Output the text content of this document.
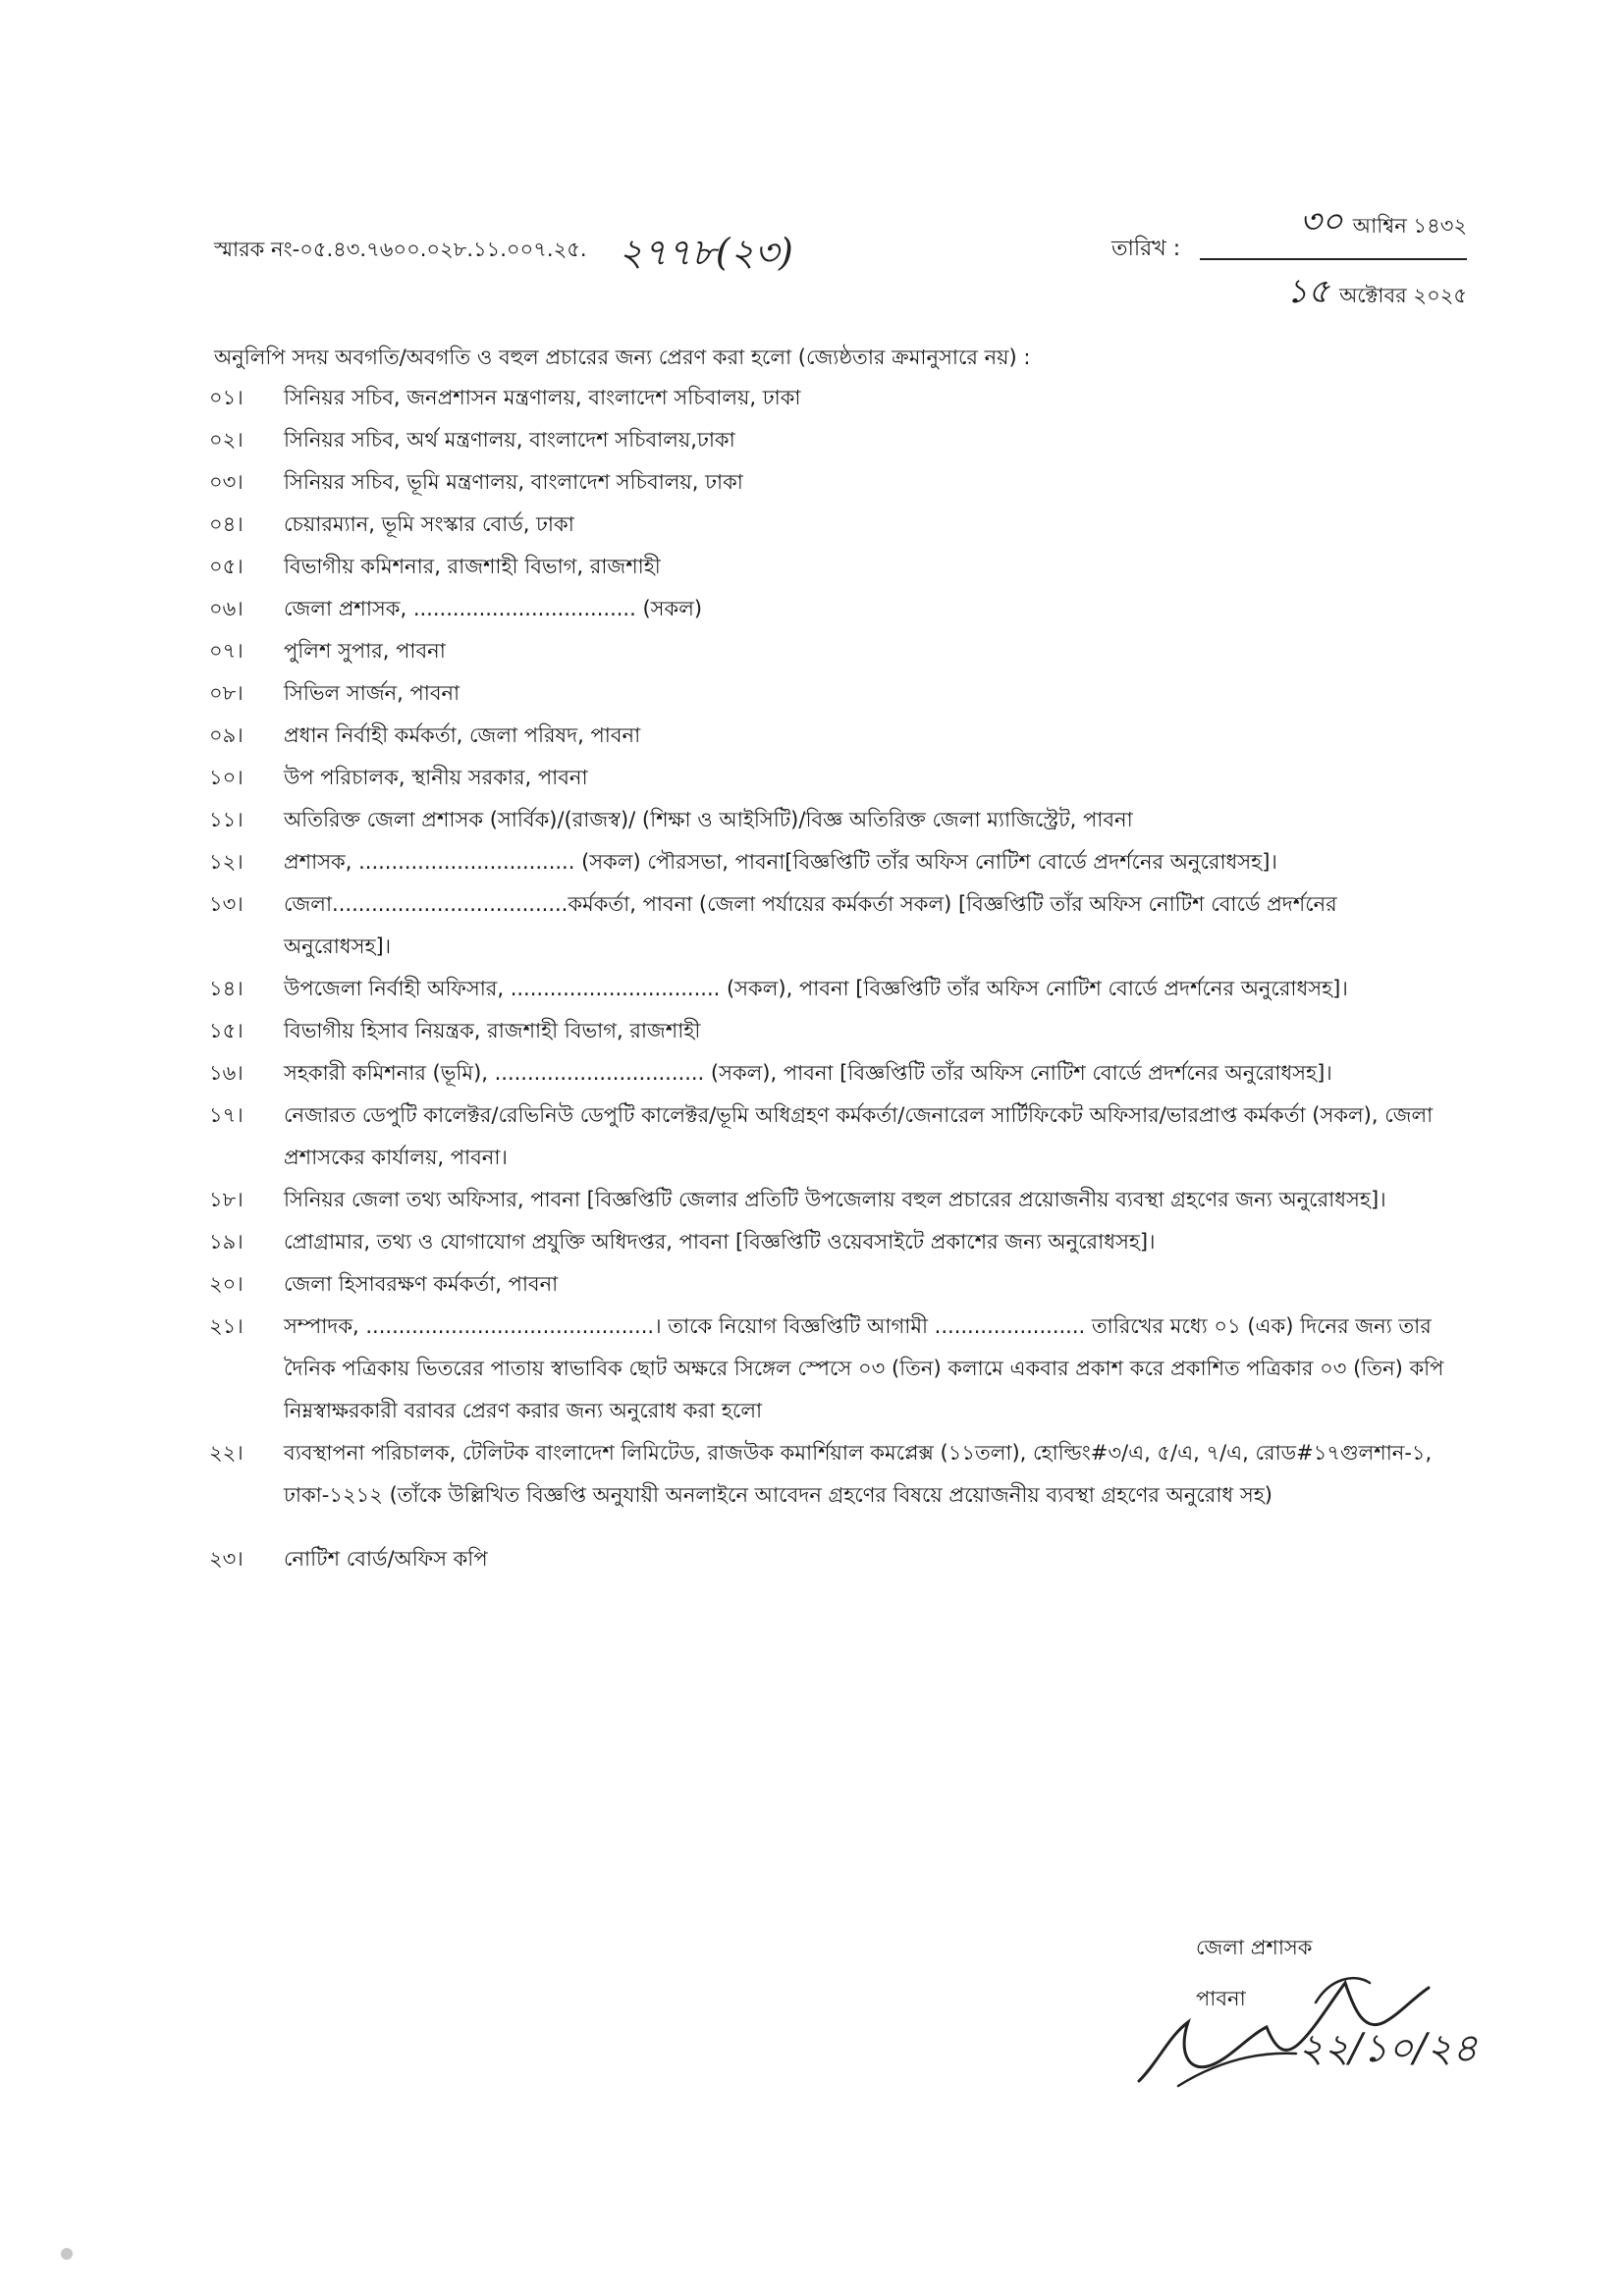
স্মারক নং-০৫.৪৩.৭৬০০.০২৮.১১.০০৭.২৫. ২৭৭৮(২৩)	তারিখ :
৩০ আশ্বিন ১৪৩২
১৫ অক্টোবর ২০২৫
অনুলিপি সদয় অবগতি/অবগতি ও বহুল প্রচারের জন্য প্রেরণ করা হলো (জ্যেষ্ঠতার ক্রমানুসারে নয়) :
০১।	সিনিয়র সচিব, জনপ্রশাসন মন্ত্রণালয়, বাংলাদেশ সচিবালয়, ঢাকা
০২।	সিনিয়র সচিব, অর্থ মন্ত্রণালয়, বাংলাদেশ সচিবালয়,ঢাকা
০৩।	সিনিয়র সচিব, ভূমি মন্ত্রণালয়, বাংলাদেশ সচিবালয়, ঢাকা
০৪।	চেয়ারম্যান, ভূমি সংস্কার বোর্ড, ঢাকা
০৫।	বিভাগীয় কমিশনার, রাজশাহী বিভাগ, রাজশাহী
০৬।	জেলা প্রশাসক, .................................. (সকল)
০৭।	পুলিশ সুপার, পাবনা
০৮।	সিভিল সার্জন, পাবনা
০৯।	প্রধান নির্বাহী কর্মকর্তা, জেলা পরিষদ, পাবনা
১০।	উপ পরিচালক, স্থানীয় সরকার, পাবনা
১১।	অতিরিক্ত জেলা প্রশাসক (সার্বিক)/(রাজস্ব)/ (শিক্ষা ও আইসিটি)/বিজ্ঞ অতিরিক্ত জেলা ম্যাজিস্ট্রেট, পাবনা
১২।	প্রশাসক, ................................. (সকল) পৌরসভা, পাবনা[বিজ্ঞপ্তিটি তাঁর অফিস নোটিশ বোর্ডে প্রদর্শনের অনুরোধসহ]।
১৩।	জেলা....................................কর্মকর্তা, পাবনা (জেলা পর্যায়ের কর্মকর্তা সকল) [বিজ্ঞপ্তিটি তাঁর অফিস নোটিশ বোর্ডে প্রদর্শনের অনুরোধসহ]।
১৪।	উপজেলা নির্বাহী অফিসার, ................................ (সকল), পাবনা [বিজ্ঞপ্তিটি তাঁর অফিস নোটিশ বোর্ডে প্রদর্শনের অনুরোধসহ]।
১৫।	বিভাগীয় হিসাব নিয়ন্ত্রক, রাজশাহী বিভাগ, রাজশাহী
১৬।	সহকারী কমিশনার (ভূমি), ................................ (সকল), পাবনা [বিজ্ঞপ্তিটি তাঁর অফিস নোটিশ বোর্ডে প্রদর্শনের অনুরোধসহ]।
১৭।	নেজারত ডেপুটি কালেক্টর/রেভিনিউ ডেপুটি কালেক্টর/ভূমি অধিগ্রহণ কর্মকর্তা/জেনারেল সার্টিফিকেট অফিসার/ভারপ্রাপ্ত কর্মকর্তা (সকল), জেলা প্রশাসকের কার্যালয়, পাবনা।
১৮।	সিনিয়র জেলা তথ্য অফিসার, পাবনা [বিজ্ঞপ্তিটি জেলার প্রতিটি উপজেলায় বহুল প্রচারের প্রয়োজনীয় ব্যবস্থা গ্রহণের জন্য অনুরোধসহ]।
১৯।	প্রোগ্রামার, তথ্য ও যোগাযোগ প্রযুক্তি অধিদপ্তর, পাবনা [বিজ্ঞপ্তিটি ওয়েবসাইটে প্রকাশের জন্য অনুরোধসহ]।
২০।	জেলা হিসাবরক্ষণ কর্মকর্তা, পাবনা
২১।	সম্পাদক, ............................................। তাকে নিয়োগ বিজ্ঞপ্তিটি আগামী ....................... তারিখের মধ্যে ০১ (এক) দিনের জন্য তার দৈনিক পত্রিকায় ভিতরের পাতায় স্বাভাবিক ছোট অক্ষরে সিঙ্গেল স্পেসে ০৩ (তিন) কলামে একবার প্রকাশ করে প্রকাশিত পত্রিকার ০৩ (তিন) কপি নিম্নস্বাক্ষরকারী বরাবর প্রেরণ করার জন্য অনুরোধ করা হলো
২২।	ব্যবস্থাপনা পরিচালক, টেলিটক বাংলাদেশ লিমিটেড, রাজউক কমার্শিয়াল কমপ্লেক্স (১১তলা), হোল্ডিং#৩/এ, ৫/এ, ৭/এ, রোড#১৭গুলশান-১, ঢাকা-১২১২ (তাঁকে উল্লিখিত বিজ্ঞপ্তি অনুযায়ী অনলাইনে আবেদন গ্রহণের বিষয়ে প্রয়োজনীয় ব্যবস্থা গ্রহণের অনুরোধ সহ)
২৩।	নোটিশ বোর্ড/অফিস কপি
২২/১০/২৪
জেলা প্রশাসক
পাবনা
